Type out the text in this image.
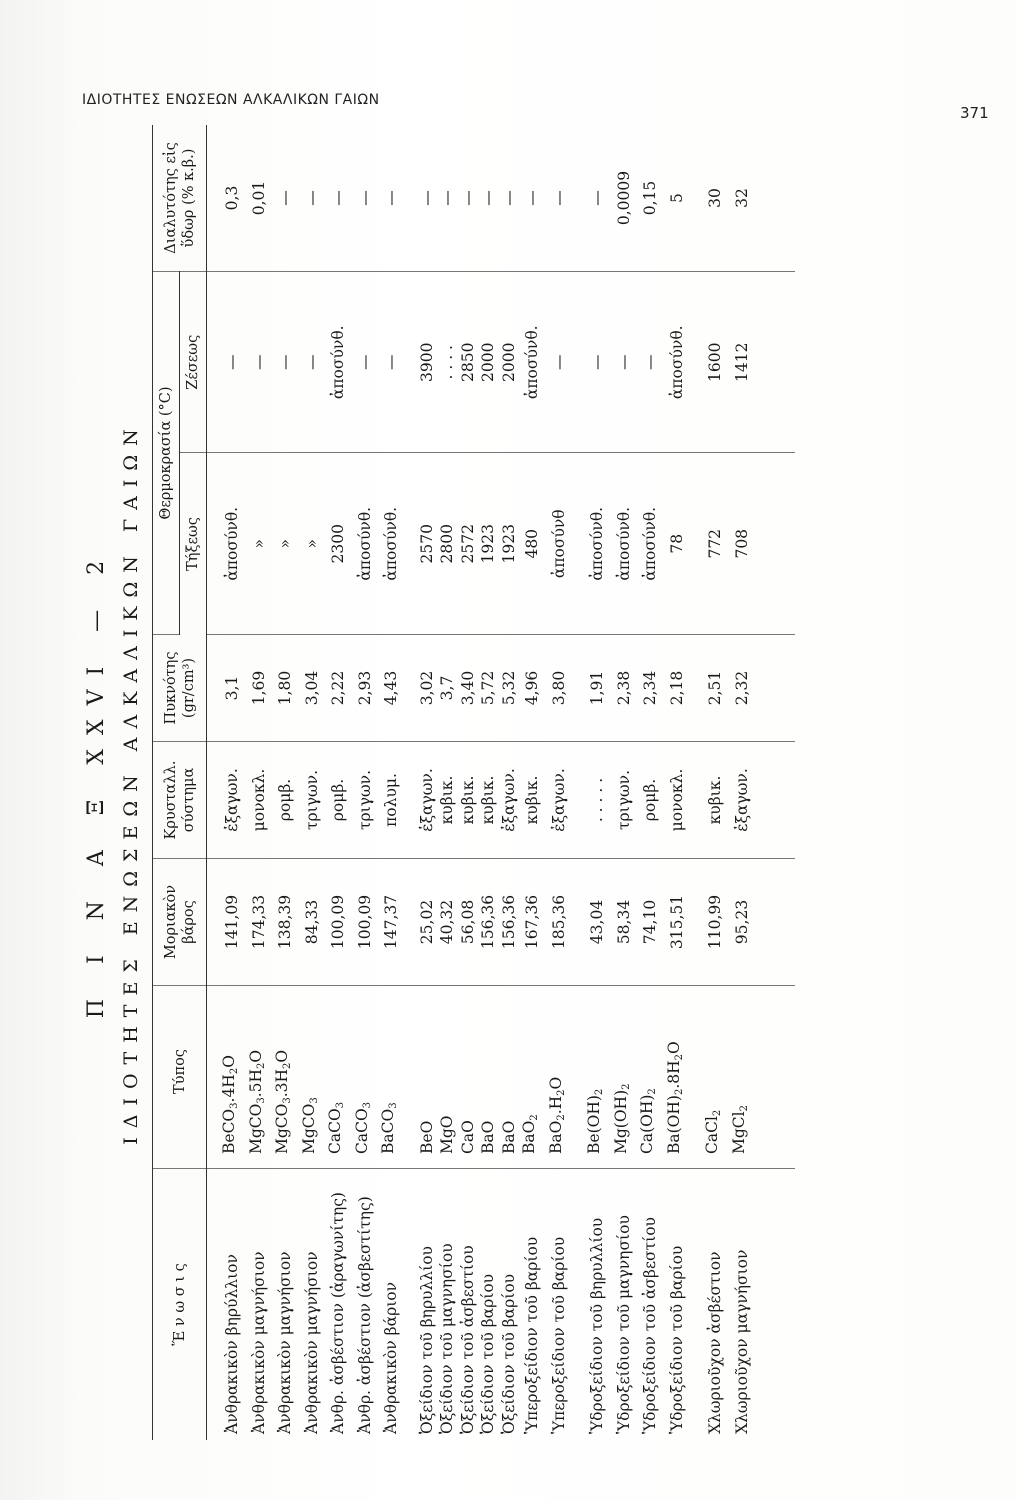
ΙΔΙΟΤΗΤΕΣ ΕΝΩΣΕΩΝ ΑΛΚΑΛΙΚΩΝ ΓΑΙΩΝ
371
Π Ι Ν Α Ξ XXVI — 2 ΙΔΙΟΤΗΤΕΣ ΕΝΩΣΕΩΝ ΑΛΚΑΛΙΚΩΝ ΓΑΙΩΝ
Ἕ ν ω σ ι ς	Τύπος	Μοριακὸν βάρος	Κρυσταλλ. σύστημα	Πυκνότης (gr/cm³)	Θερμοκρασία (°C)		Διαλυτότης εἰς ὕδωρ (% κ.β.)
					Τήξεως	Ζέσεως	

Ἀνθρακικὸν βηρύλλιον	$BeCO_3.4H_2O$	141,09	ἑξαγων.	3,1	ἀποσύνθ.	—	0,3
Ἀνθρακικὸν μαγνήσιον	$MgCO_3.5H_2O$	174,33	μονοκλ.	1,69	»	—	0,01
Ἀνθρακικὸν μαγνήσιον	$MgCO_3.3H_2O$	138,39	ρομβ.	1,80	»	—	—
Ἀνθρακικὸν μαγνήσιον	MgCO$_3$	84,33	τριγων.	3,04	»	—	—
Ἀνθρ. ἀσβέστιον (ἀραγωνίτης)	CaCO$_3$	100,09	ρομβ.	2,22	2300	ἀποσύνθ.	—
Ἀνθρ. ἀσβέστιον (ἀσβεστίτης)	CaCO$_3$	100,09	τριγων.	2,93	ἀποσύνθ.	—	—
Ἀνθρακικὸν βάριον	BaCO$_3$	147,37	πολυμ.	4,43	ἀποσύνθ.	—	—

Ὀξείδιον τοῦ βηρυλλίου	BeO	25,02	ἑξαγων.	3,02	2570	3900	—
Ὀξείδιον τοῦ μαγνησίου	MgO	40,32	κυβικ.	3,7	2800	. . . .	—
Ὀξείδιον τοῦ ἀσβεστίου	CaO	56,08	κυβικ.	3,40	2572	2850	—
Ὀξείδιον τοῦ βαρίου	BaO	156,36	κυβικ.	5,72	1923	2000	—
Ὀξείδιον τοῦ βαρίου	BaO	156,36	ἑξαγων.	5,32	1923	2000	—
Ὑπεροξείδιον τοῦ βαρίου	BaO$_2$	167,36	κυβικ.	4,96	480	ἀποσύνθ.	—
Ὑπεροξείδιον τοῦ βαρίου	$BaO_2.H_2O$	185,36	ἑξαγων.	3,80	ἀποσύνθ	—	—

Ὑδροξείδιον τοῦ βηρυλλίου	$Be(OH)_2$	43,04	. . . . .	1,91	ἀποσύνθ.	—	—
Ὑδροξείδιον τοῦ μαγνησίου	$Mg(OH)_2$	58,34	τριγων.	2,38	ἀποσύνθ.	—	0,0009
Ὑδροξείδιον τοῦ ἀσβεστίου	$Ca(OH)_2$	74,10	ρομβ.	2,34	ἀποσύνθ.	—	0,15
Ὑδροξείδιον τοῦ βαρίου	$Ba(OH)_2.8H_2O$	315,51	μονοκλ.	2,18	78	ἀποσύνθ.	5

Χλωριοῦχον ἀσβέστιον	CaCl$_2$	110,99	κυβικ.	2,51	772	1600	30
Χλωριοῦχον μαγνήσιον	MgCl$_2$	95,23	ἑξαγων.	2,32	708	1412	32
